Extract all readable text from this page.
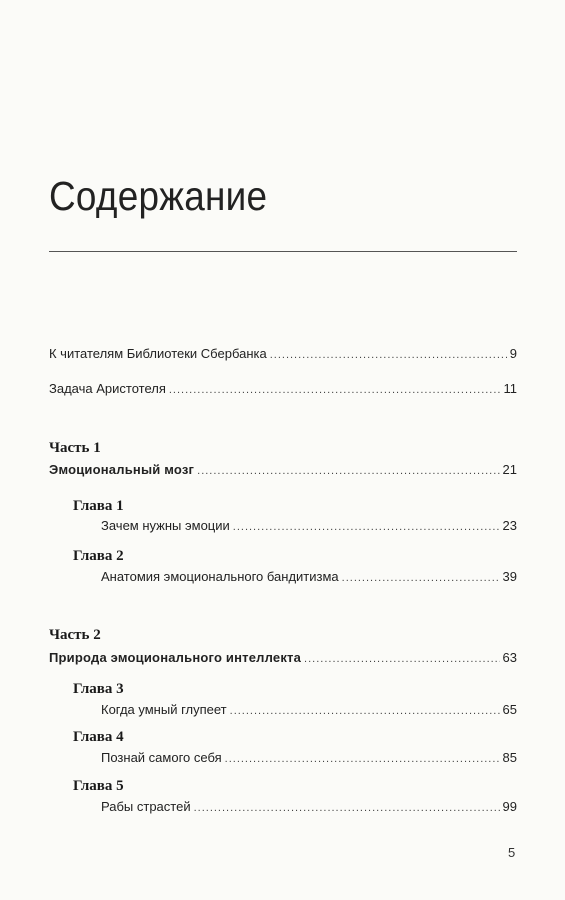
Содержание
К читателям Библиотеки Сбербанка .....	9
Задача Аристотеля .....	11
Часть 1
Эмоциональный мозг .....	21
Глава 1
Зачем нужны эмоции .....	23
Глава 2
Анатомия эмоционального бандитизма .....	39
Часть 2
Природа эмоционального интеллекта .....	63
Глава 3
Когда умный глупеет .....	65
Глава 4
Познай самого себя .....	85
Глава 5
Рабы страстей .....	99
5
